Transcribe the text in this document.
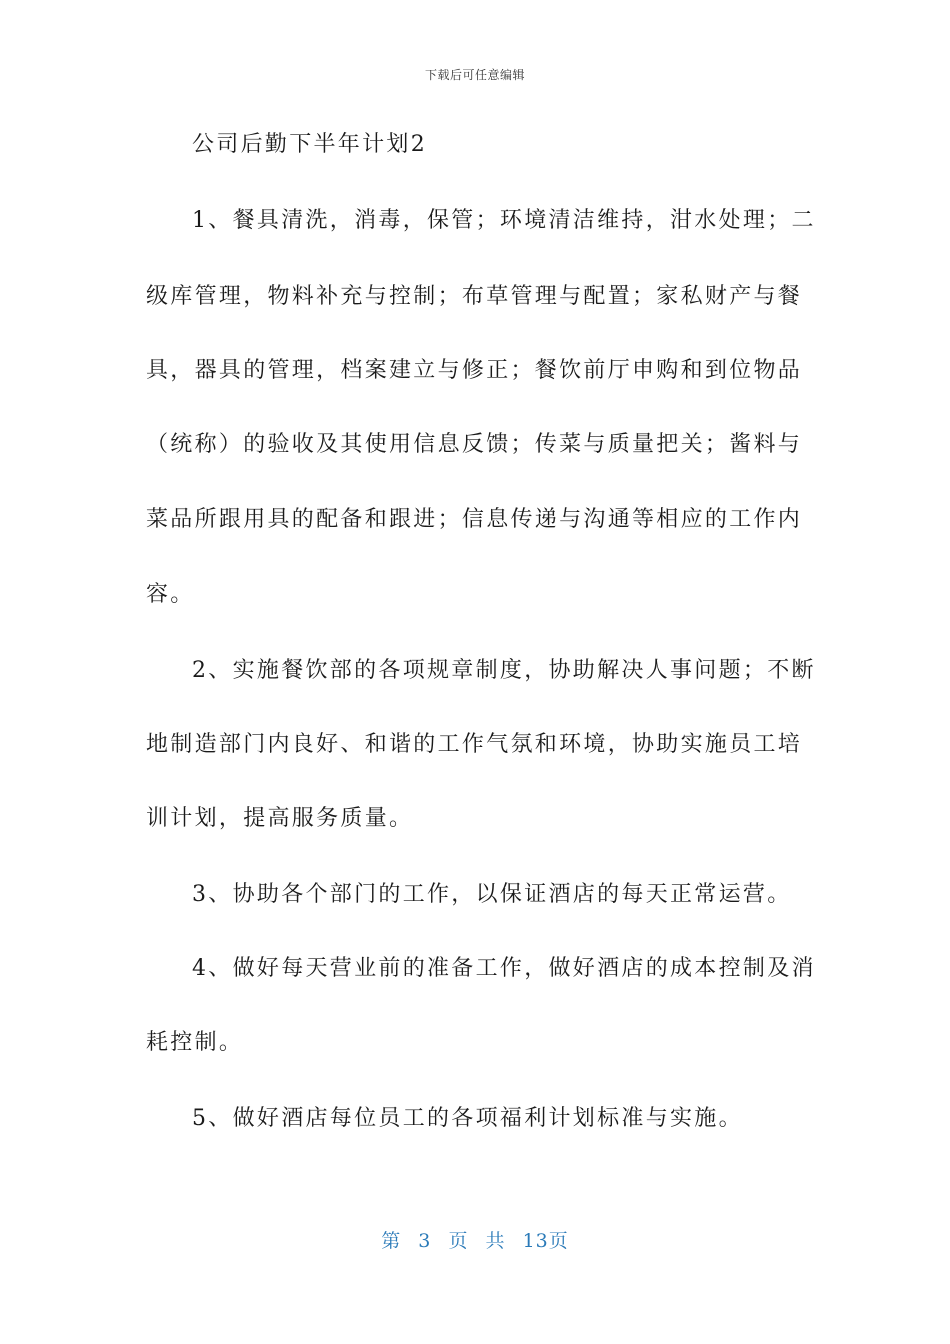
下载后可任意编辑
公司后勤下半年计划2
1、餐具清洗，消毒，保管；环境清洁维持，泔水处理；二
级库管理，物料补充与控制；布草管理与配置；家私财产与餐
具，器具的管理，档案建立与修正；餐饮前厅申购和到位物品
（统称）的验收及其使用信息反馈；传菜与质量把关；酱料与
菜品所跟用具的配备和跟进；信息传递与沟通等相应的工作内
容。
2、实施餐饮部的各项规章制度，协助解决人事问题；不断
地制造部门内良好、和谐的工作气氛和环境，协助实施员工培
训计划，提高服务质量。
3、协助各个部门的工作，以保证酒店的每天正常运营。
4、做好每天营业前的准备工作，做好酒店的成本控制及消
耗控制。
5、做好酒店每位员工的各项福利计划标准与实施。
第 3 页 共 13页
